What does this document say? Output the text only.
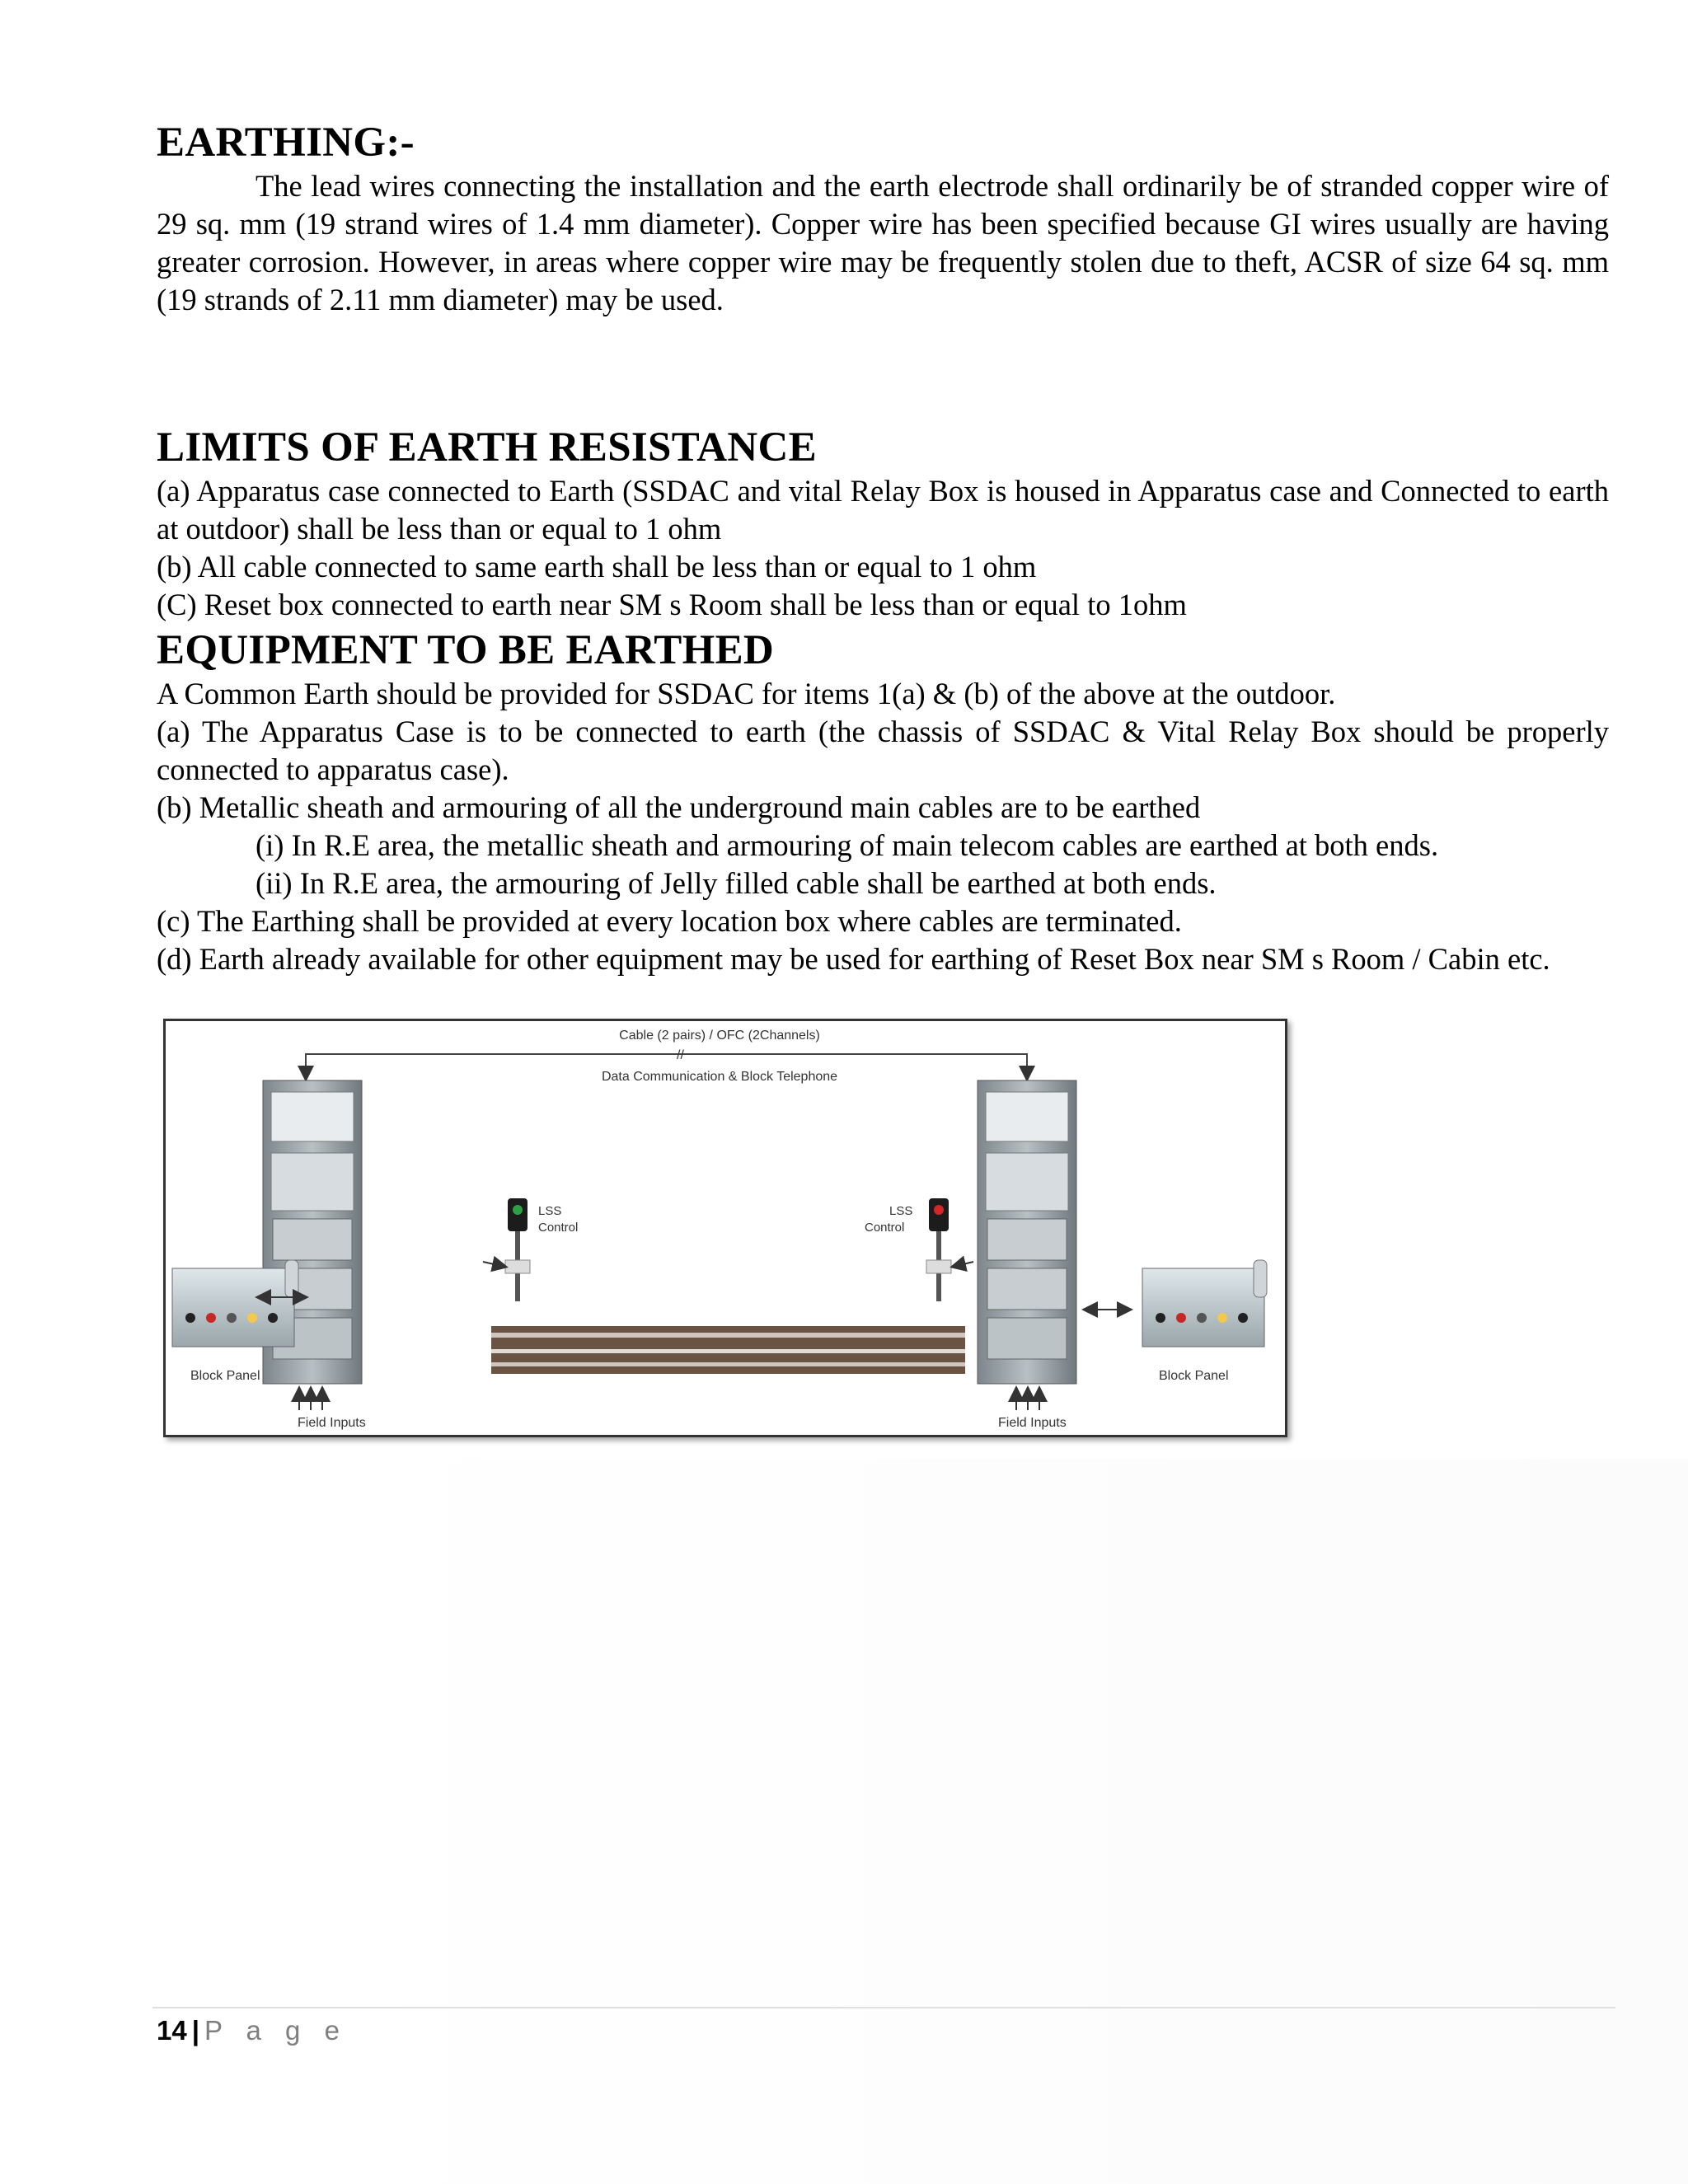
EARTHING:-

The lead wires connecting the installation and the earth electrode shall ordinarily be of stranded copper wire of 29 sq. mm (19 strand wires of 1.4 mm diameter). Copper wire has been specified because GI wires usually are having greater corrosion. However, in areas where copper wire may be frequently stolen due to theft, ACSR of size 64 sq. mm (19 strands of 2.11 mm diameter) may be used.

LIMITS OF EARTH RESISTANCE

(a) Apparatus case connected to Earth (SSDAC and vital Relay Box is housed in Apparatus case and Connected to earth at outdoor) shall be less than or equal to 1 ohm

(b) All cable connected to same earth shall be less than or equal to 1 ohm

(C) Reset box connected to earth near SM s Room shall be less than or equal to 1ohm

EQUIPMENT TO BE EARTHED

A Common Earth should be provided for SSDAC for items 1(a) & (b) of the above at the outdoor.

(a) The Apparatus Case is to be connected to earth (the chassis of SSDAC & Vital Relay Box should be properly connected to apparatus case).

(b) Metallic sheath and armouring of all the underground main cables are to be earthed

(i) In R.E area, the metallic sheath and armouring of main telecom cables are earthed at both ends.

(ii) In R.E area, the armouring of Jelly filled cable shall be earthed at both ends.

(c) The Earthing shall be provided at every location box where cables are terminated.

(d) Earth already available for other equipment may be used for earthing of Reset Box near SM s Room / Cabin etc.

Cable (2 pairs) / OFC (2Channels)
//
Data Communication & Block Telephone
Block Panel	Block Panel
LSS
Control
LSS
Control
Field Inputs	Field Inputs
14 | P a g e
